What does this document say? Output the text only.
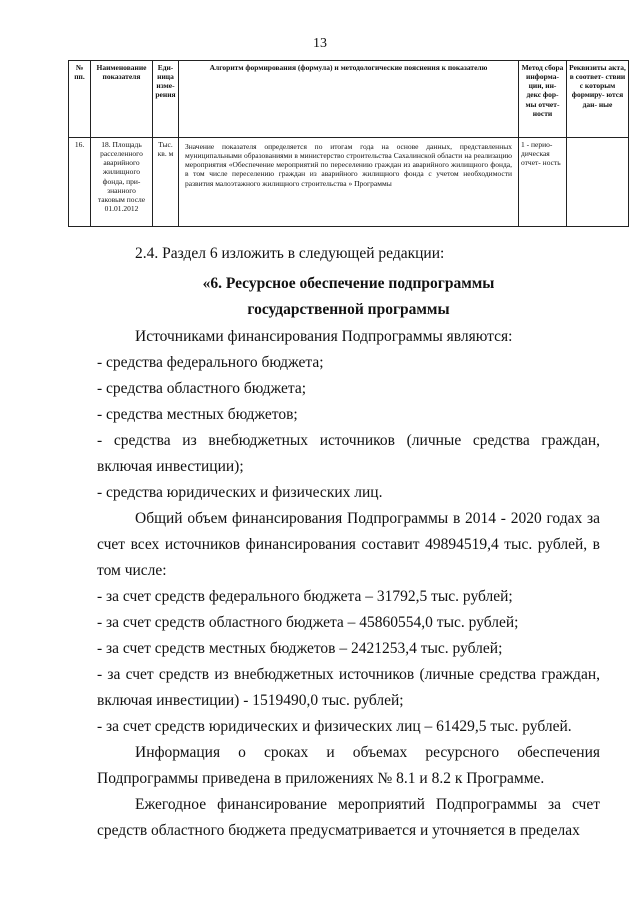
13
№ пп.	Наименование показателя	Еди- ница изме- рения	Алгоритм формирования (формула) и методологические пояснения к показателю	Метод сбора информа- ции, ин- декс фор- мы отчет- ности	Реквизиты акта, в соответ- ствии с которым формиру- ются дан- ные
16.	18. Площадь расселенного аварийного жилищного фонда, при- знанного таковым после 01.01.2012	Тыс. кв. м	Значение показателя определяется по итогам года на основе данных, представленных муниципальными образованиями в министерство строительства Сахалинской области на реализацию мероприятия «Обеспечение мероприятий по переселению граждан из аварийного жилищного фонда, в том числе переселению граждан из аварийного жилищного фонда с учетом необходимости развития малоэтажного жилищного строительства » Программы	1 - перио- дическая отчет- ность	

2.4. Раздел 6 изложить в следующей редакции:

«6. Ресурсное обеспечение подпрограммы

государственной программы

Источниками финансирования Подпрограммы являются:

- средства федерального бюджета;

- средства областного бюджета;

- средства местных бюджетов;

- средства из внебюджетных источников (личные средства граждан, включая инвестиции);

- средства юридических и физических лиц.

Общий объем финансирования Подпрограммы в 2014 - 2020 годах за счет всех источников финансирования составит 49894519,4 тыс. рублей, в том числе:

- за счет средств федерального бюджета – 31792,5 тыс. рублей;

- за счет средств областного бюджета – 45860554,0 тыс. рублей;

- за счет средств местных бюджетов – 2421253,4 тыс. рублей;

- за счет средств из внебюджетных источников (личные средства граждан, включая инвестиции) - 1519490,0 тыс. рублей;

- за счет средств юридических и физических лиц – 61429,5 тыс. рублей.

Информация о сроках и объемах ресурсного обеспечения Подпрограммы приведена в приложениях № 8.1 и 8.2 к Программе.

Ежегодное финансирование мероприятий Подпрограммы за счет средств областного бюджета предусматривается и уточняется в пределах
